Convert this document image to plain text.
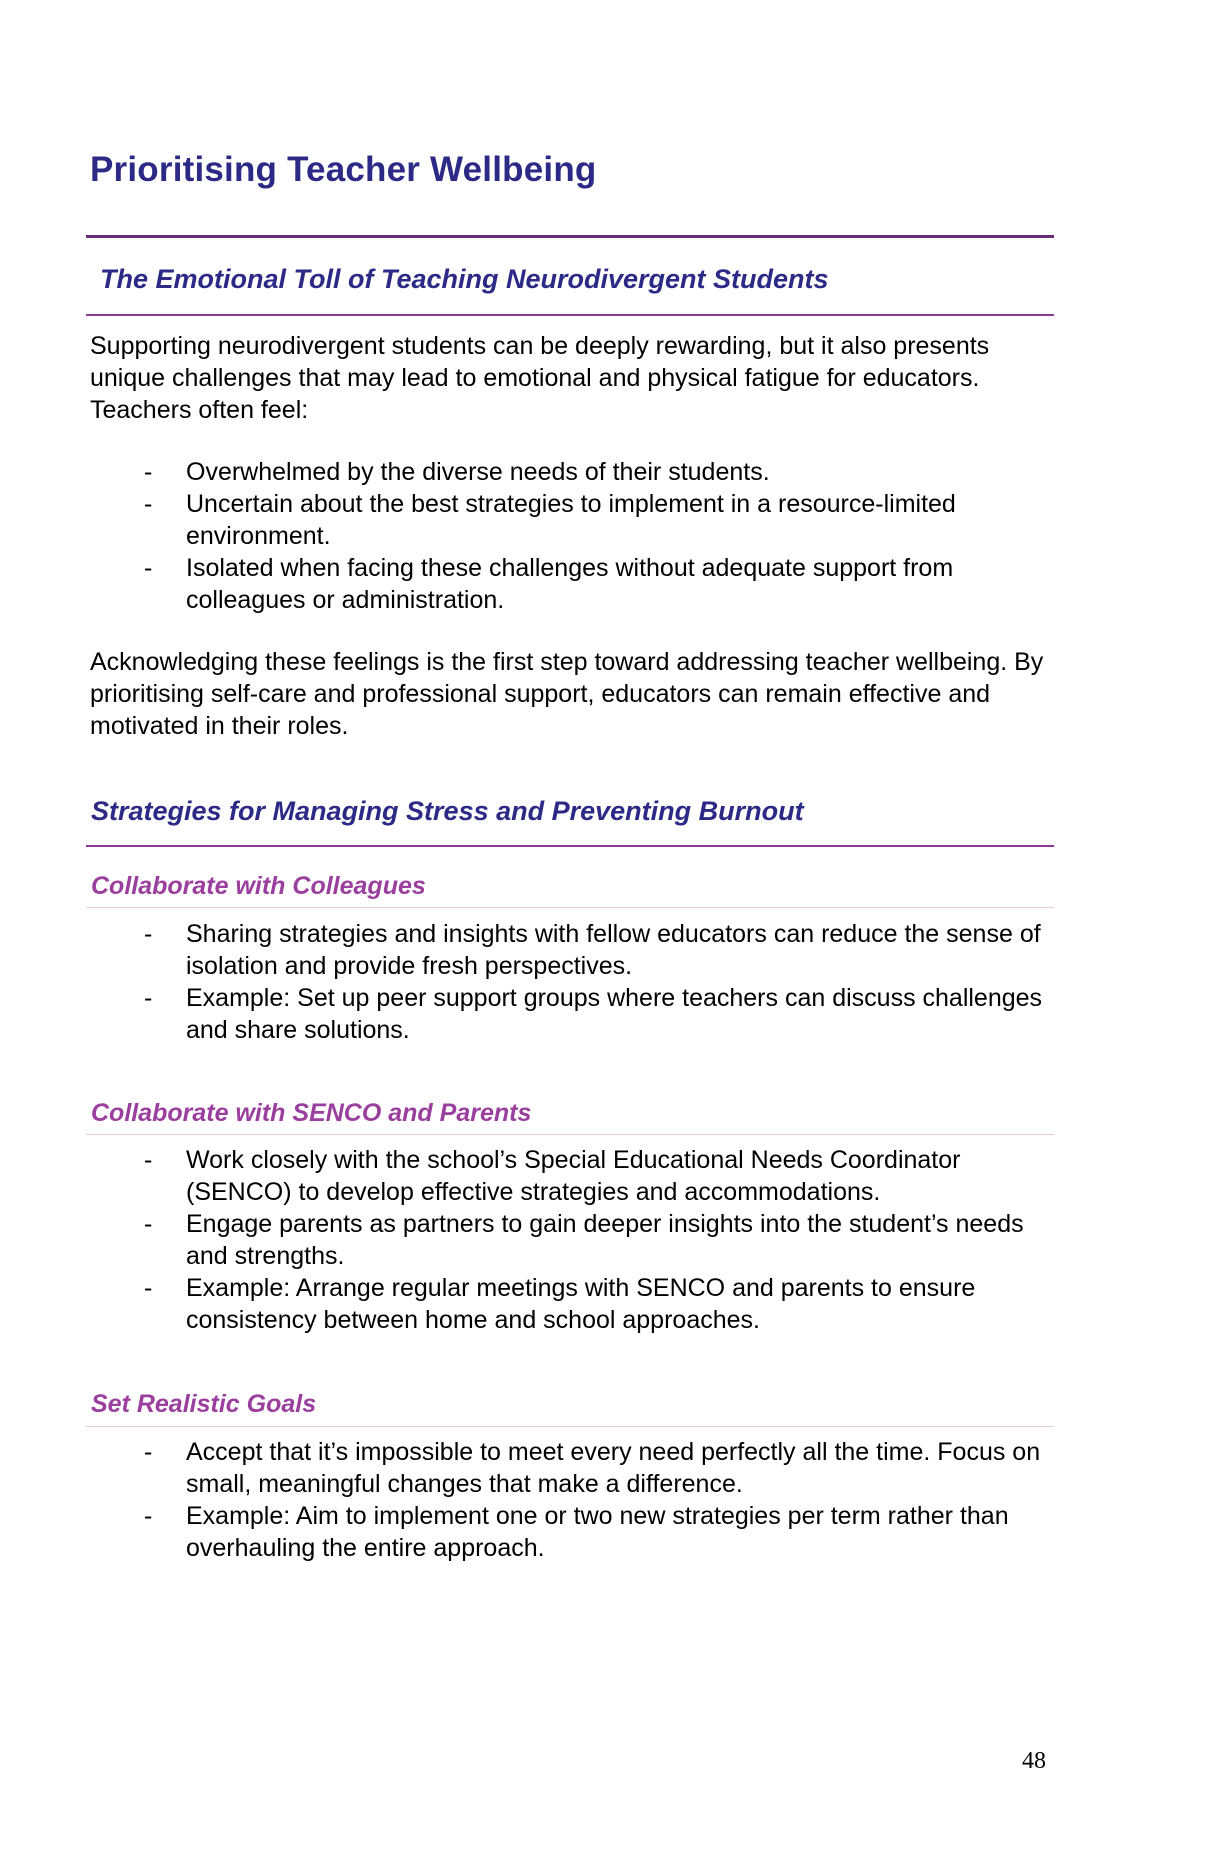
Prioritising Teacher Wellbeing
The Emotional Toll of Teaching Neurodivergent Students

Supporting neurodivergent students can be deeply rewarding, but it also presents unique challenges that may lead to emotional and physical fatigue for educators. Teachers often feel:

- Overwhelmed by the diverse needs of their students.
- Uncertain about the best strategies to implement in a resource-limited environment.
- Isolated when facing these challenges without adequate support from colleagues or administration.

Acknowledging these feelings is the first step toward addressing teacher wellbeing. By prioritising self-care and professional support, educators can remain effective and motivated in their roles.

Strategies for Managing Stress and Preventing Burnout
Collaborate with Colleagues
- Sharing strategies and insights with fellow educators can reduce the sense of isolation and provide fresh perspectives.
- Example: Set up peer support groups where teachers can discuss challenges and share solutions.
Collaborate with SENCO and Parents
- Work closely with the school’s Special Educational Needs Coordinator (SENCO) to develop effective strategies and accommodations.
- Engage parents as partners to gain deeper insights into the student’s needs and strengths.
- Example: Arrange regular meetings with SENCO and parents to ensure consistency between home and school approaches.
Set Realistic Goals
- Accept that it’s impossible to meet every need perfectly all the time. Focus on small, meaningful changes that make a difference.
- Example: Aim to implement one or two new strategies per term rather than overhauling the entire approach.
48
